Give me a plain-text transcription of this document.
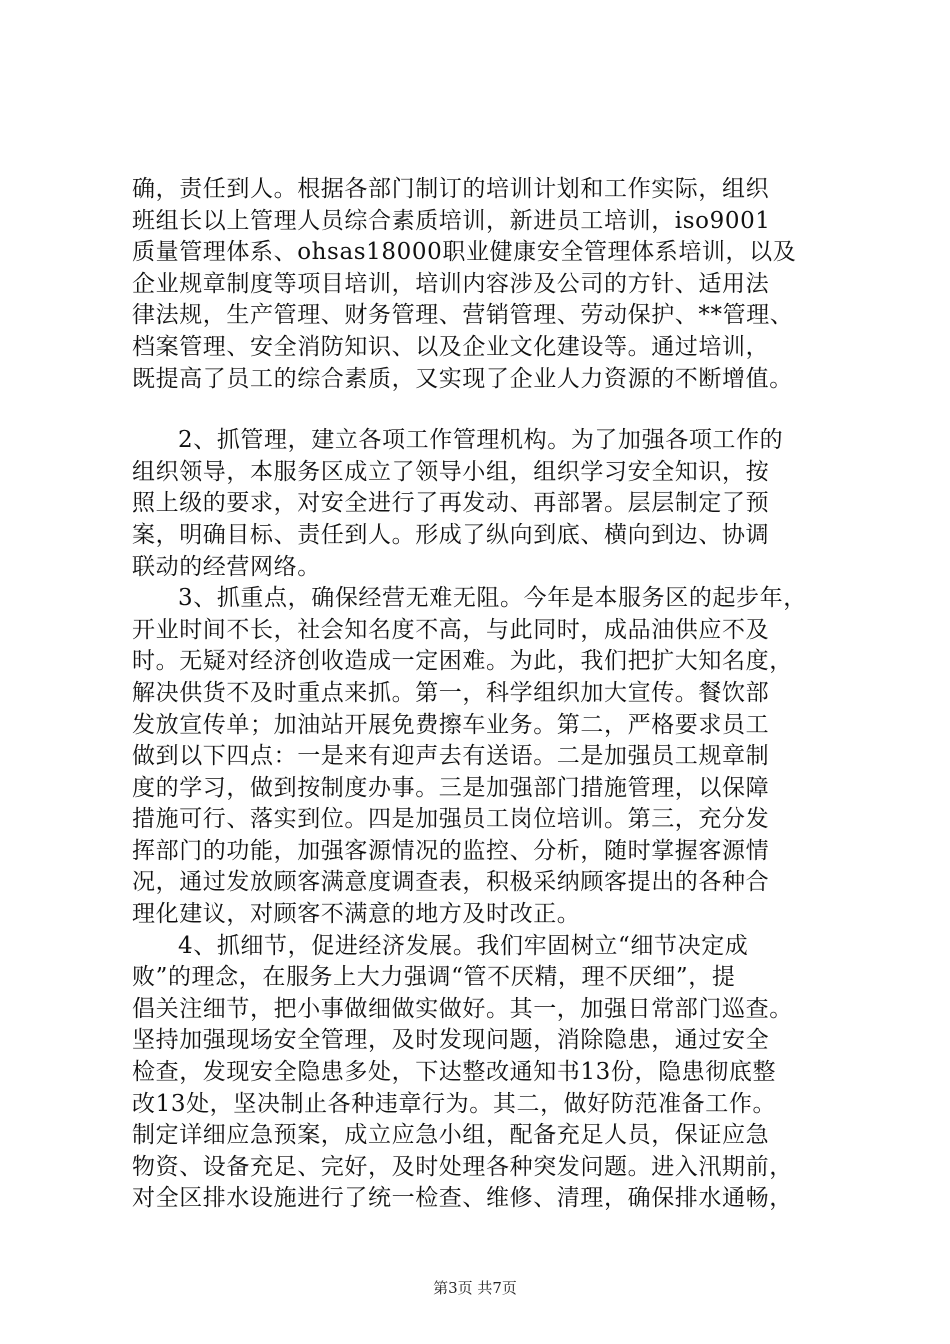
确，责任到人。根据各部门制订的培训计划和工作实际，组织
班组长以上管理人员综合素质培训，新进员工培训，iso9001
质量管理体系、ohsas18000职业健康安全管理体系培训，以及
企业规章制度等项目培训，培训内容涉及公司的方针、适用法
律法规，生产管理、财务管理、营销管理、劳动保护、**管理、
档案管理、安全消防知识、以及企业文化建设等。通过培训，
既提高了员工的综合素质，又实现了企业人力资源的不断增值。
2、抓管理，建立各项工作管理机构。为了加强各项工作的
组织领导，本服务区成立了领导小组，组织学习安全知识，按
照上级的要求，对安全进行了再发动、再部署。层层制定了预
案，明确目标、责任到人。形成了纵向到底、横向到边、协调
联动的经营网络。
3、抓重点，确保经营无难无阻。今年是本服务区的起步年，
开业时间不长，社会知名度不高，与此同时，成品油供应不及
时。无疑对经济创收造成一定困难。为此，我们把扩大知名度，
解决供货不及时重点来抓。第一，科学组织加大宣传。餐饮部
发放宣传单；加油站开展免费擦车业务。第二，严格要求员工
做到以下四点：一是来有迎声去有送语。二是加强员工规章制
度的学习，做到按制度办事。三是加强部门措施管理，以保障
措施可行、落实到位。四是加强员工岗位培训。第三，充分发
挥部门的功能，加强客源情况的监控、分析，随时掌握客源情
况，通过发放顾客满意度调查表，积极采纳顾客提出的各种合
理化建议，对顾客不满意的地方及时改正。
4、抓细节，促进经济发展。我们牢固树立“细节决定成
败”的理念，在服务上大力强调“管不厌精，理不厌细”，提
倡关注细节，把小事做细做实做好。其一，加强日常部门巡查。
坚持加强现场安全管理，及时发现问题，消除隐患，通过安全
检查，发现安全隐患多处，下达整改通知书13份，隐患彻底整
改13处，坚决制止各种违章行为。其二，做好防范准备工作。
制定详细应急预案，成立应急小组，配备充足人员，保证应急
物资、设备充足、完好，及时处理各种突发问题。进入汛期前，
对全区排水设施进行了统一检查、维修、清理，确保排水通畅，
第3页 共7页
